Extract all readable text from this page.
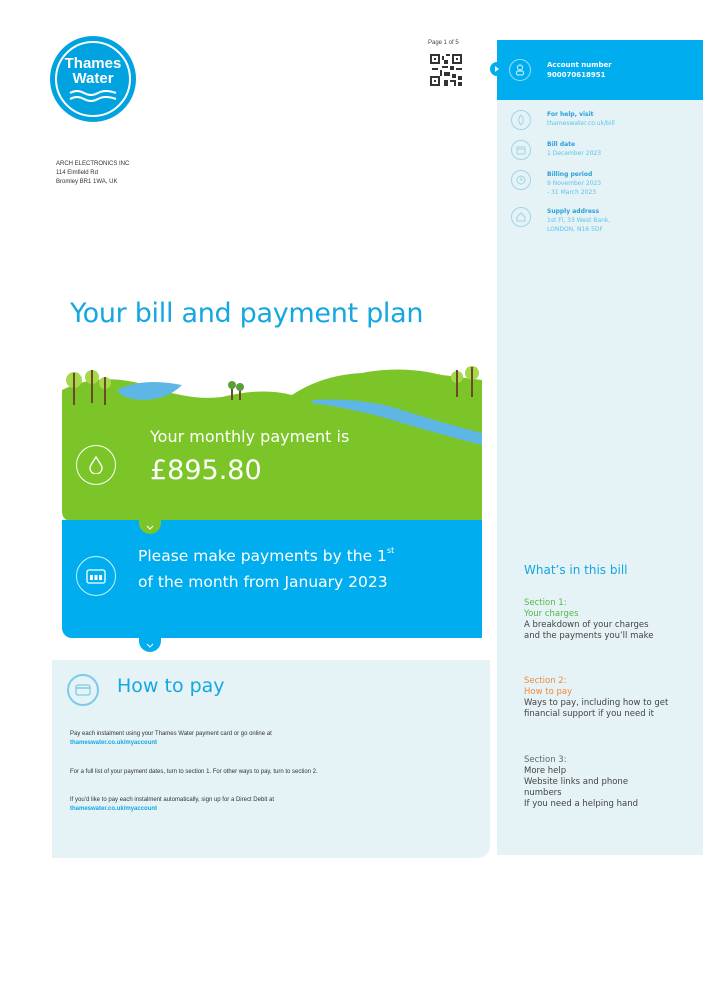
Thames
Water
ARCH ELECTRONICS INC
114 Elmfield Rd
Bromley BR1 1WA, UK
Page 1 of 5
Account number
900070618951
For help, visit
thameswater.co.uk/bill
Bill date
1 December 2023
Billing period
9 November 2023
- 31 March 2023
Supply address
1st Fl, 33 West Bank,
LONDON, N16 5DF
What’s in this bill
Section 1:
Your charges
A breakdown of your charges
and the payments you’ll make
Section 2:
How to pay
Ways to pay, including how to get
financial support if you need it
Section 3:
More help
Website links and phone
numbers
If you need a helping hand
Your bill and payment plan
Your monthly payment is
£895.80
Please make payments by the 1st
of the month from January 2023
How to pay

Pay each instalment using your Thames Water payment card or go online at
thameswater.co.uk/myaccount

For a full list of your payment dates, turn to section 1. For other ways to pay, turn to section 2.

If you’d like to pay each instalment automatically, sign up for a Direct Debit at
thameswater.co.uk/myaccount
